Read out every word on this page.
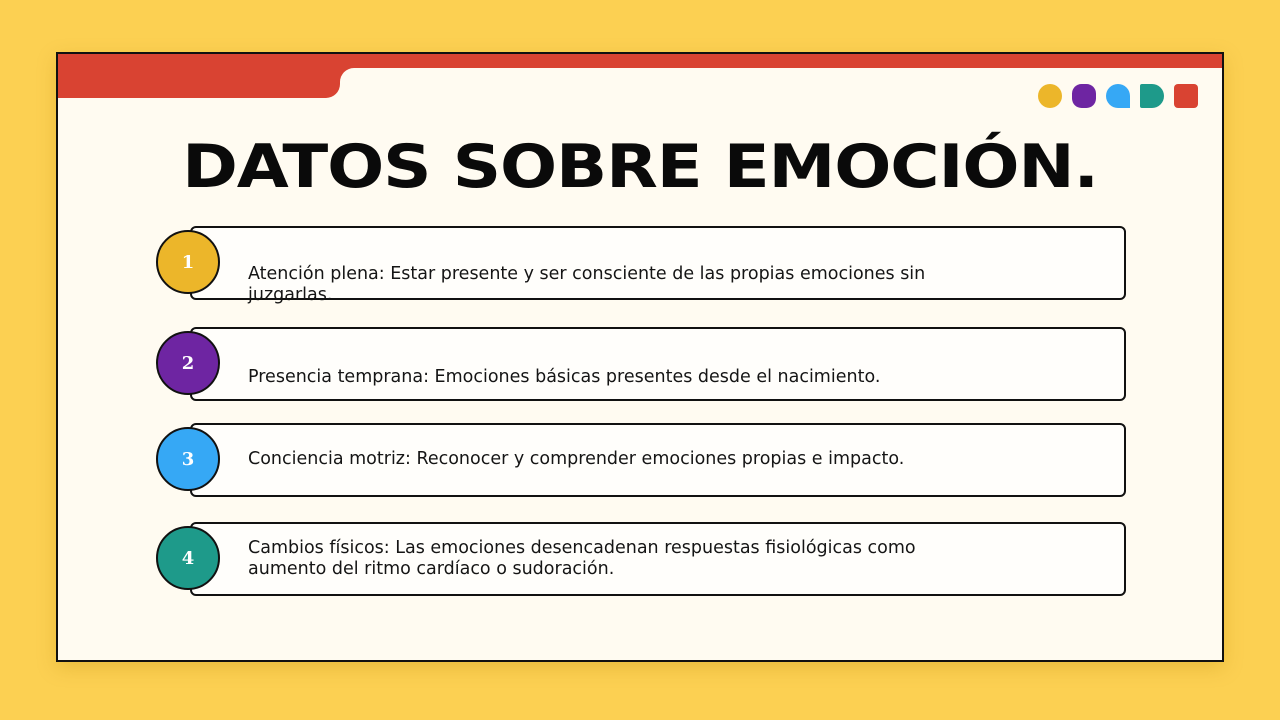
DATOS SOBRE EMOCIÓN.
1
Atención plena: Estar presente y ser consciente de las propias emociones sin juzgarlas.
2
Presencia temprana: Emociones básicas presentes desde el nacimiento.
3	Conciencia motriz: Reconocer y comprender emociones propias e impacto.
4	Cambios físicos: Las emociones desencadenan respuestas fisiológicas como aumento del ritmo cardíaco o sudoración.
